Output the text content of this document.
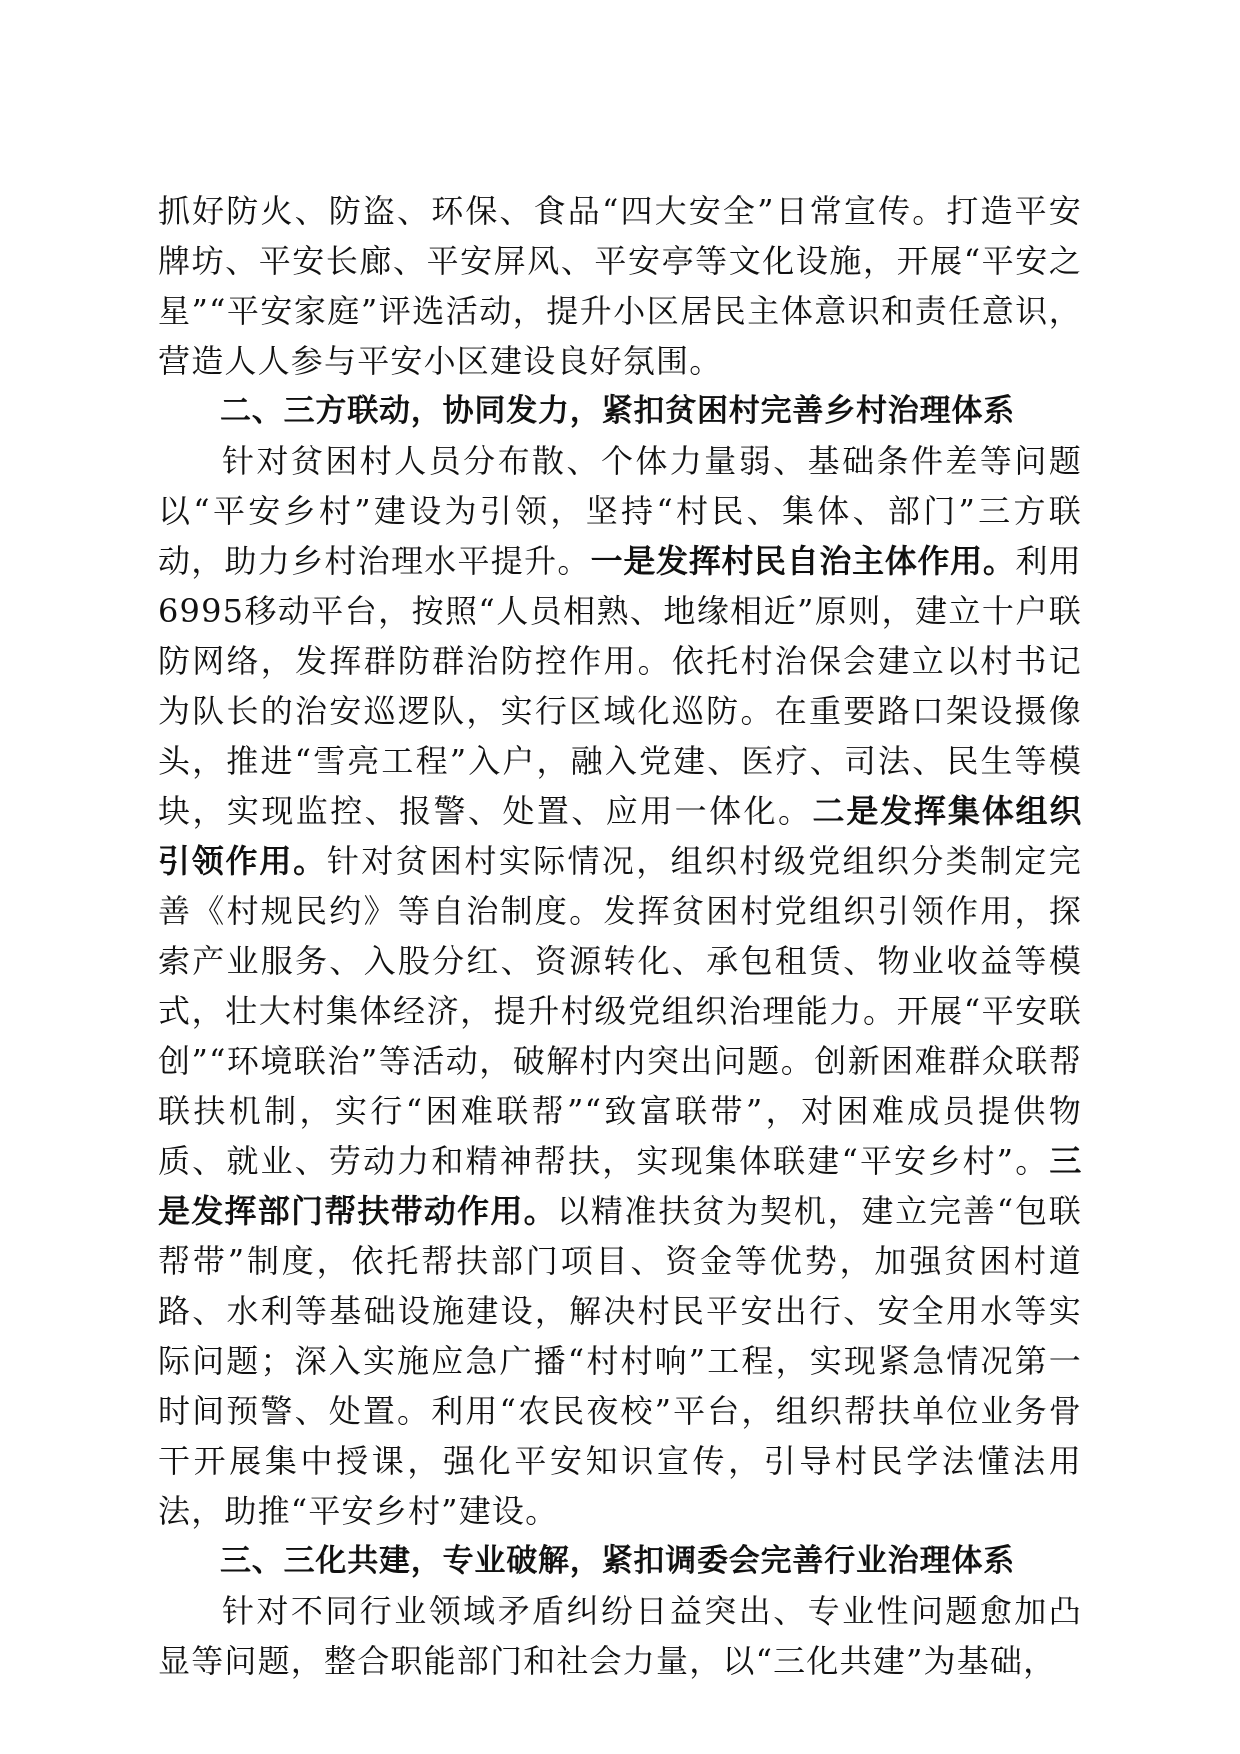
抓好防火、防盗、环保、食品“四大安全”日常宣传。打造平安牌坊、平安长廊、平安屏风、平安亭等文化设施，开展“平安之星”“平安家庭”评选活动，提升小区居民主体意识和责任意识，营造人人参与平安小区建设良好氛围。

二、三方联动，协同发力，紧扣贫困村完善乡村治理体系

针对贫困村人员分布散、个体力量弱、基础条件差等问题以“平安乡村”建设为引领，坚持“村民、集体、部门”三方联动，助力乡村治理水平提升。一是发挥村民自治主体作用。利用6995移动平台，按照“人员相熟、地缘相近”原则，建立十户联防网络，发挥群防群治防控作用。依托村治保会建立以村书记为队长的治安巡逻队，实行区域化巡防。在重要路口架设摄像头，推进“雪亮工程”入户，融入党建、医疗、司法、民生等模块，实现监控、报警、处置、应用一体化。二是发挥集体组织引领作用。针对贫困村实际情况，组织村级党组织分类制定完善《村规民约》等自治制度。发挥贫困村党组织引领作用，探索产业服务、入股分红、资源转化、承包租赁、物业收益等模式，壮大村集体经济，提升村级党组织治理能力。开展“平安联创”“环境联治”等活动，破解村内突出问题。创新困难群众联帮联扶机制，实行“困难联帮”“致富联带”，对困难成员提供物质、就业、劳动力和精神帮扶，实现集体联建“平安乡村”。三是发挥部门帮扶带动作用。以精准扶贫为契机，建立完善“包联帮带”制度，依托帮扶部门项目、资金等优势，加强贫困村道路、水利等基础设施建设，解决村民平安出行、安全用水等实际问题；深入实施应急广播“村村响”工程，实现紧急情况第一时间预警、处置。利用“农民夜校”平台，组织帮扶单位业务骨干开展集中授课，强化平安知识宣传，引导村民学法懂法用法，助推“平安乡村”建设。

三、三化共建，专业破解，紧扣调委会完善行业治理体系

针对不同行业领域矛盾纠纷日益突出、专业性问题愈加凸显等问题，整合职能部门和社会力量，以“三化共建”为基础，
